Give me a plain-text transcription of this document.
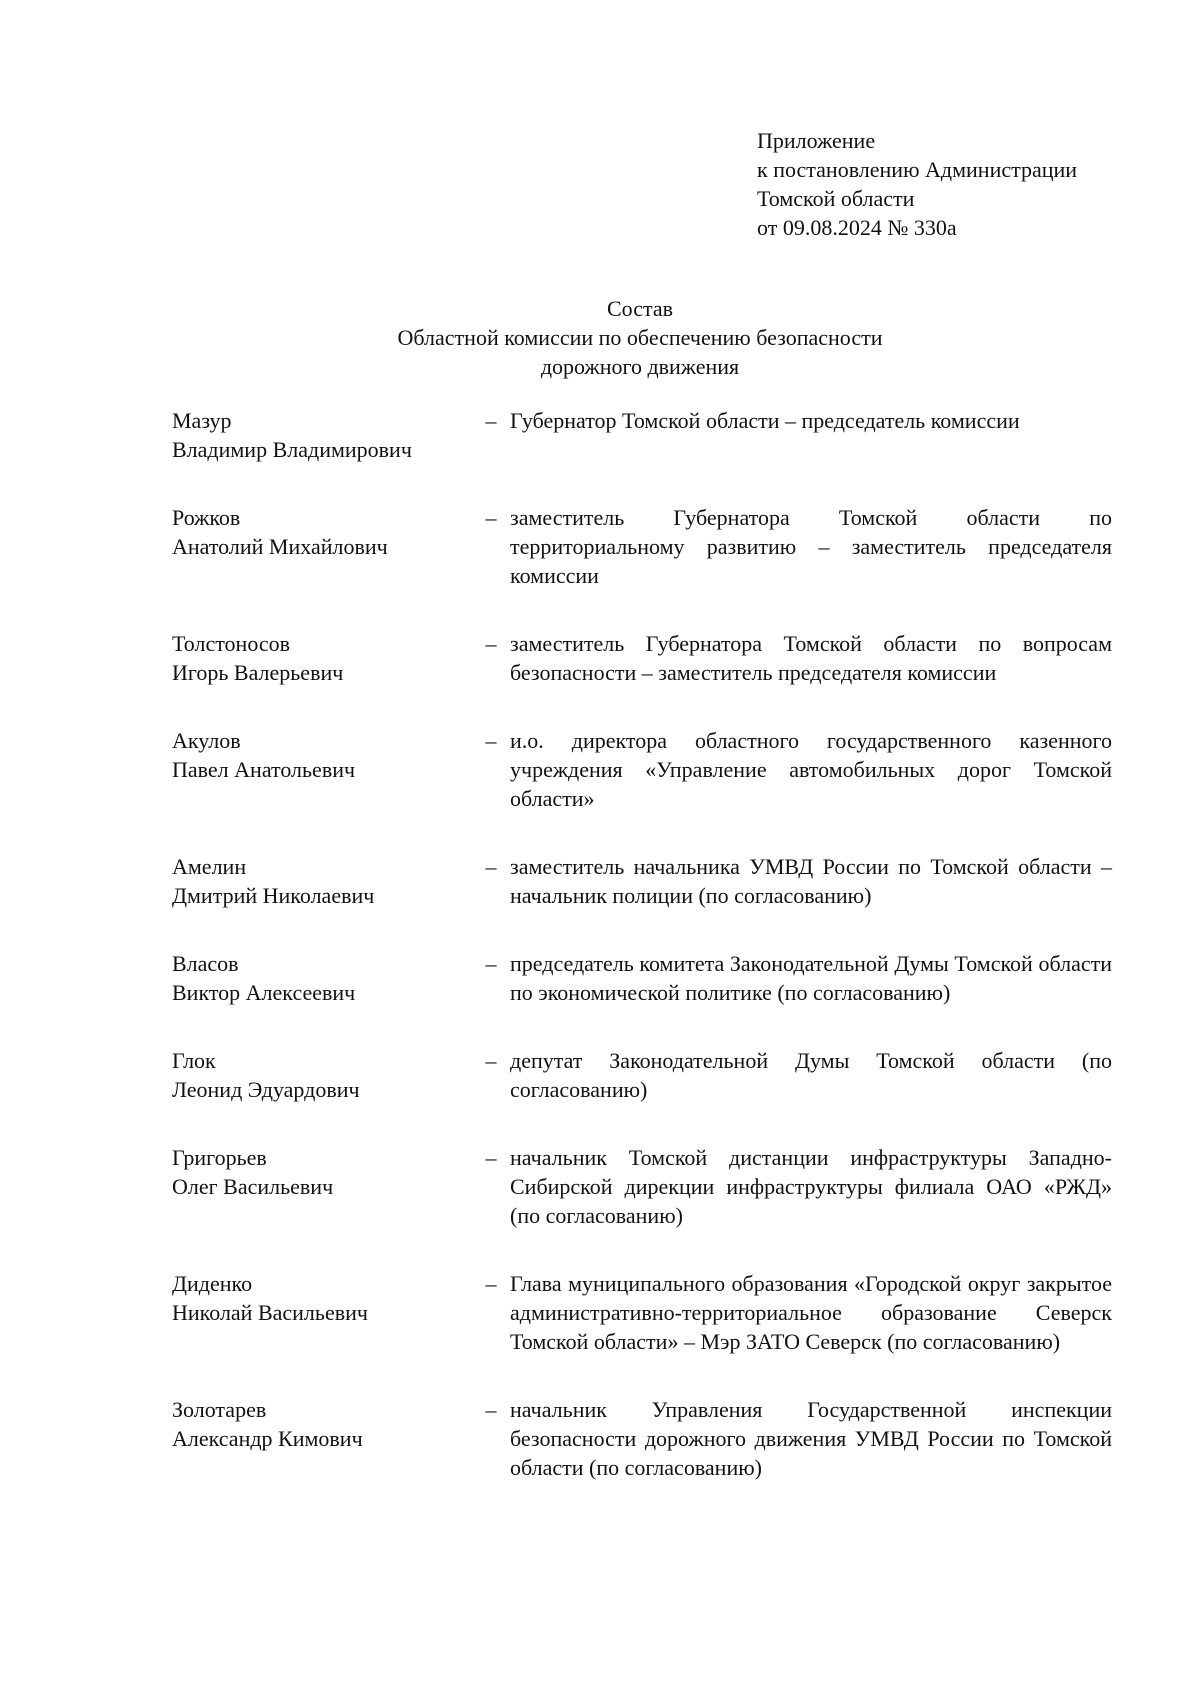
Приложение
к постановлению Администрации
Томской области
от 09.08.2024 № 330а
Состав
Областной комиссии по обеспечению безопасности
дорожного движения
Мазур
Владимир Владимирович
– Губернатор Томской области – председатель комиссии
Рожков
Анатолий Михайлович
– заместитель Губернатора Томской области по территориальному развитию – заместитель председателя комиссии
Толстоносов
Игорь Валерьевич
– заместитель Губернатора Томской области по вопросам безопасности – заместитель председателя комиссии
Акулов
Павел Анатольевич
– и.о. директора областного государственного казенного учреждения «Управление автомобильных дорог Томской области»
Амелин
Дмитрий Николаевич
– заместитель начальника УМВД России по Томской области – начальник полиции (по согласованию)
Власов
Виктор Алексеевич
– председатель комитета Законодательной Думы Томской области по экономической политике (по согласованию)
Глок
Леонид Эдуардович
– депутат Законодательной Думы Томской области (по согласованию)
Григорьев
Олег Васильевич
– начальник Томской дистанции инфраструктуры Западно-Сибирской дирекции инфраструктуры филиала ОАО «РЖД» (по согласованию)
Диденко
Николай Васильевич
– Глава муниципального образования «Городской округ закрытое административно-территориальное образование Северск Томской области» – Мэр ЗАТО Северск (по согласованию)
Золотарев
Александр Кимович
– начальник Управления Государственной инспекции безопасности дорожного движения УМВД России по Томской области (по согласованию)
